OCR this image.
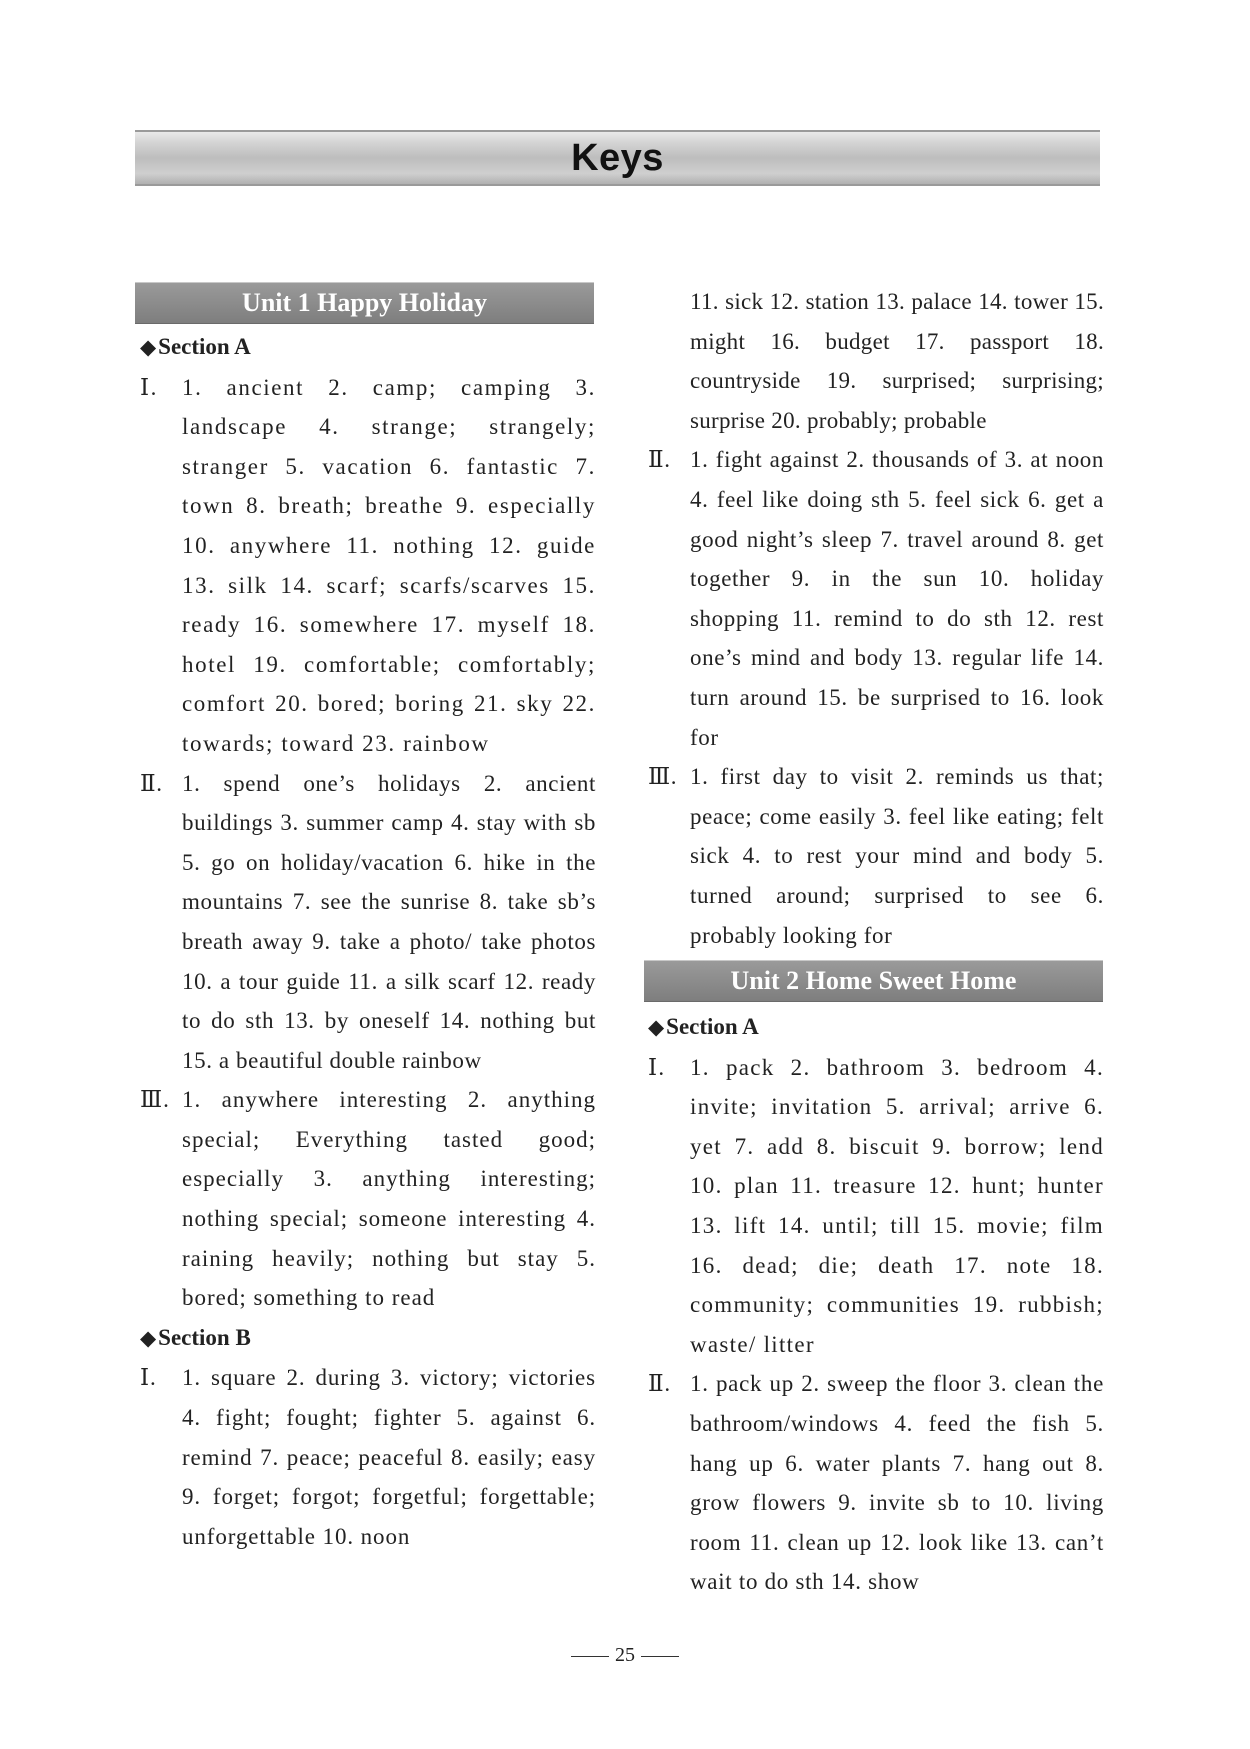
Keys
Unit 1 Happy Holiday
◆Section A
Ⅰ.	1. ancient 2. camp; camping 3. landscape 4. strange; strangely; stranger 5. vacation 6. fantastic 7. town 8. breath; breathe 9. especially 10. anywhere 11. nothing 12. guide 13. silk 14. scarf; scarfs/scarves 15. ready 16. somewhere 17. myself 18. hotel 19. comfortable; comfortably; comfort 20. bored; boring 21. sky 22. towards; toward 23. rainbow
Ⅱ. 1. spend one’s holidays 2. ancient buildings 3. summer camp 4. stay with sb 5. go on holiday/vacation 6. hike in the mountains 7. see the sunrise 8. take sb’s breath away 9. take a photo/ take photos 10. a tour guide 11. a silk scarf 12. ready to do sth 13. by oneself 14. nothing but 15. a beautiful double rainbow
Ⅲ. 1. anywhere interesting 2. anything special; Everything tasted good; especially 3. anything interesting; nothing special; someone interesting 4. raining heavily; nothing but stay 5. bored; something to read
◆Section B
Ⅰ.	1. square 2. during 3. victory; victories 4. fight; fought; fighter 5. against 6. remind 7. peace; peaceful 8. easily; easy 9. forget; forgot; forgetful; forgettable; unforgettable 10. noon
11. sick 12. station 13. palace 14. tower 15. might 16. budget 17. passport 18. countryside 19. surprised; surprising; surprise 20. probably; probable
Ⅱ. 1. fight against 2. thousands of 3. at noon 4. feel like doing sth 5. feel sick 6. get a good night’s sleep 7. travel around 8. get together 9. in the sun 10. holiday shopping 11. remind to do sth 12. rest one’s mind and body 13. regular life 14. turn around 15. be surprised to 16. look for
Ⅲ. 1. first day to visit 2. reminds us that; peace; come easily 3. feel like eating; felt sick 4. to rest your mind and body 5. turned around; surprised to see 6. probably looking for
◆Section A
Ⅰ.	1. pack 2. bathroom 3. bedroom 4. invite; invitation 5. arrival; arrive 6. yet 7. add 8. biscuit 9. borrow; lend 10. plan 11. treasure 12. hunt; hunter 13. lift 14. until; till 15. movie; film 16. dead; die; death 17. note 18. community; communities 19. rubbish; waste/ litter
Ⅱ. 1. pack up 2. sweep the floor 3. clean the bathroom/windows 4. feed the fish 5. hang up 6. water plants 7. hang out 8. grow flowers 9. invite sb to 10. living room 11. clean up 12. look like 13. can’t wait to do sth 14. show
Unit 2 Home Sweet Home
25
